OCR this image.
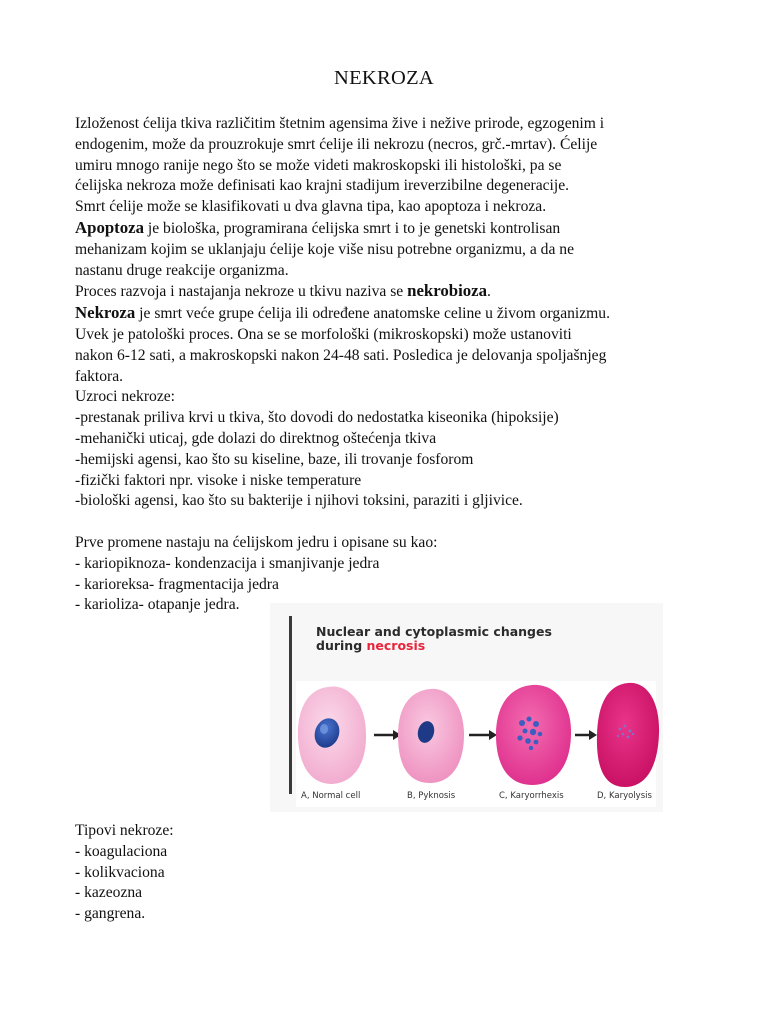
NEKROZA

Izloženost ćelija tkiva različitim štetnim agensima žive i nežive prirode, egzogenim i

endogenim, može da prouzrokuje smrt ćelije ili nekrozu (necros, grč.-mrtav). Ćelije

umiru mnogo ranije nego što se može videti makroskopski ili histološki, pa se

ćelijska nekroza može definisati kao krajni stadijum ireverzibilne degeneracije.

Smrt ćelije može se klasifikovati u dva glavna tipa, kao apoptoza i nekroza.

Apoptoza je biološka, programirana ćelijska smrt i to je genetski kontrolisan

mehanizam kojim se uklanjaju ćelije koje više nisu potrebne organizmu, a da ne

nastanu druge reakcije organizma.

Proces razvoja i nastajanja nekroze u tkivu naziva se nekrobioza.

Nekroza je smrt veće grupe ćelija ili određene anatomske celine u živom organizmu.

Uvek je patološki proces. Ona se se morfološki (mikroskopski) može ustanoviti

nakon 6-12 sati, a makroskopski nakon 24-48 sati. Posledica je delovanja spoljašnjeg

faktora.

Uzroci nekroze:

-prestanak priliva krvi u tkiva, što dovodi do nedostatka kiseonika (hipoksije)

-mehanički uticaj, gde dolazi do direktnog oštećenja tkiva

-hemijski agensi, kao što su kiseline, baze, ili trovanje fosforom

-fizički faktori npr. visoke i niske temperature

-biološki agensi, kao što su bakterije i njihovi toksini, paraziti i gljivice.

Prve promene nastaju na ćelijskom jedru i opisane su kao:

- kariopiknoza- kondenzacija i smanjivanje jedra

- karioreksa- fragmentacija jedra

- karioliza- otapanje jedra.

Nuclear and cytoplasmic changes
during necrosis
A, Normal cell	B, Pyknosis	C, Karyorrhexis	D, Karyolysis

Tipovi nekroze:

- koagulaciona

- kolikvaciona

- kazeozna

- gangrena.
